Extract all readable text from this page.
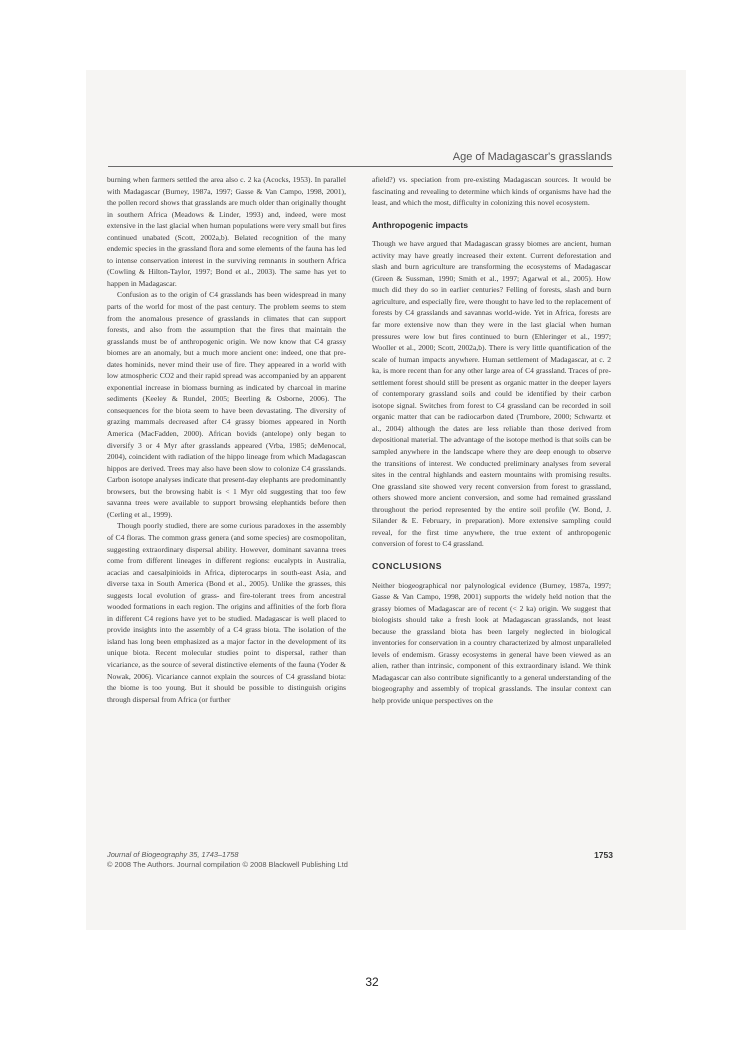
Age of Madagascar's grasslands

burning when farmers settled the area also c. 2 ka (Acocks, 1953). In parallel with Madagascar (Burney, 1987a, 1997; Gasse & Van Campo, 1998, 2001), the pollen record shows that grasslands are much older than originally thought in southern Africa (Meadows & Linder, 1993) and, indeed, were most extensive in the last glacial when human populations were very small but fires continued unabated (Scott, 2002a,b). Belated recognition of the many endemic species in the grassland flora and some elements of the fauna has led to intense conservation interest in the surviving remnants in southern Africa (Cowling & Hilton-Taylor, 1997; Bond et al., 2003). The same has yet to happen in Madagascar.

Confusion as to the origin of C4 grasslands has been widespread in many parts of the world for most of the past century. The problem seems to stem from the anomalous presence of grasslands in climates that can support forests, and also from the assumption that the fires that maintain the grasslands must be of anthropogenic origin. We now know that C4 grassy biomes are an anomaly, but a much more ancient one: indeed, one that pre-dates hominids, never mind their use of fire. They appeared in a world with low atmospheric CO2 and their rapid spread was accompanied by an apparent exponential increase in biomass burning as indicated by charcoal in marine sediments (Keeley & Rundel, 2005; Beerling & Osborne, 2006). The consequences for the biota seem to have been devastating. The diversity of grazing mammals decreased after C4 grassy biomes appeared in North America (MacFadden, 2000). African bovids (antelope) only began to diversify 3 or 4 Myr after grasslands appeared (Vrba, 1985; deMenocal, 2004), coincident with radiation of the hippo lineage from which Madagascan hippos are derived. Trees may also have been slow to colonize C4 grasslands. Carbon isotope analyses indicate that present-day elephants are predominantly browsers, but the browsing habit is < 1 Myr old suggesting that too few savanna trees were available to support browsing elephantids before then (Cerling et al., 1999).

Though poorly studied, there are some curious paradoxes in the assembly of C4 floras. The common grass genera (and some species) are cosmopolitan, suggesting extraordinary dispersal ability. However, dominant savanna trees come from different lineages in different regions: eucalypts in Australia, acacias and caesalpinioids in Africa, dipterocarps in south-east Asia, and diverse taxa in South America (Bond et al., 2005). Unlike the grasses, this suggests local evolution of grass- and fire-tolerant trees from ancestral wooded formations in each region. The origins and affinities of the forb flora in different C4 regions have yet to be studied. Madagascar is well placed to provide insights into the assembly of a C4 grass biota. The isolation of the island has long been emphasized as a major factor in the development of its unique biota. Recent molecular studies point to dispersal, rather than vicariance, as the source of several distinctive elements of the fauna (Yoder & Nowak, 2006). Vicariance cannot explain the sources of C4 grassland biota: the biome is too young. But it should be possible to distinguish origins through dispersal from Africa (or further

afield?) vs. speciation from pre-existing Madagascan sources. It would be fascinating and revealing to determine which kinds of organisms have had the least, and which the most, difficulty in colonizing this novel ecosystem.

Anthropogenic impacts

Though we have argued that Madagascan grassy biomes are ancient, human activity may have greatly increased their extent. Current deforestation and slash and burn agriculture are transforming the ecosystems of Madagascar (Green & Sussman, 1990; Smith et al., 1997; Agarwal et al., 2005). How much did they do so in earlier centuries? Felling of forests, slash and burn agriculture, and especially fire, were thought to have led to the replacement of forests by C4 grasslands and savannas world-wide. Yet in Africa, forests are far more extensive now than they were in the last glacial when human pressures were low but fires continued to burn (Ehleringer et al., 1997; Wooller et al., 2000; Scott, 2002a,b). There is very little quantification of the scale of human impacts anywhere. Human settlement of Madagascar, at c. 2 ka, is more recent than for any other large area of C4 grassland. Traces of pre-settlement forest should still be present as organic matter in the deeper layers of contemporary grassland soils and could be identified by their carbon isotope signal. Switches from forest to C4 grassland can be recorded in soil organic matter that can be radiocarbon dated (Trumbore, 2000; Schwartz et al., 2004) although the dates are less reliable than those derived from depositional material. The advantage of the isotope method is that soils can be sampled anywhere in the landscape where they are deep enough to observe the transitions of interest. We conducted preliminary analyses from several sites in the central highlands and eastern mountains with promising results. One grassland site showed very recent conversion from forest to grassland, others showed more ancient conversion, and some had remained grassland throughout the period represented by the entire soil profile (W. Bond, J. Silander & E. February, in preparation). More extensive sampling could reveal, for the first time anywhere, the true extent of anthropogenic conversion of forest to C4 grassland.

CONCLUSIONS

Neither biogeographical nor palynological evidence (Burney, 1987a, 1997; Gasse & Van Campo, 1998, 2001) supports the widely held notion that the grassy biomes of Madagascar are of recent (< 2 ka) origin. We suggest that biologists should take a fresh look at Madagascan grasslands, not least because the grassland biota has been largely neglected in biological inventories for conservation in a country characterized by almost unparalleled levels of endemism. Grassy ecosystems in general have been viewed as an alien, rather than intrinsic, component of this extraordinary island. We think Madagascar can also contribute significantly to a general understanding of the biogeography and assembly of tropical grasslands. The insular context can help provide unique perspectives on the

Journal of Biogeography 35, 1743–1758
© 2008 The Authors. Journal compilation © 2008 Blackwell Publishing Ltd
1753
32
